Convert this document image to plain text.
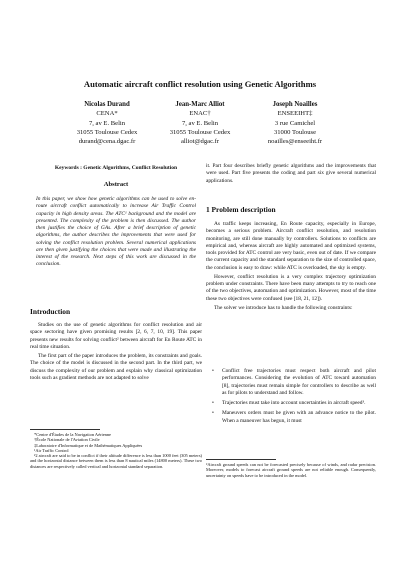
Automatic aircraft conflict resolution using Genetic Algorithms
Nicolas Durand
CENA*
7, av E. Belin
31055 Toulouse Cedex
durand@cena.dgac.fr
Jean-Marc Alliot
ENAC†
7, av E. Belin
31055 Toulouse Cedex
alliot@dgac.fr
Joseph Noailles
ENSEEIHT‡
3 rue Camichel
31000 Toulouse
noailles@enseeiht.fr
Keywords : Genetic Algorithms, Conflict Resolution
Abstract
In this paper, we show how genetic algorithms can be used to solve en-route aircraft conflict automatically to increase Air Traffic Control capacity in high density areas. The ATC¹ background and the model are presented. The complexity of the problem is then discussed. The author then justifies the choice of GAs. After a brief description of genetic algorithms, the author describes the improvements that were used for solving the conflict resolution problem. Several numerical applications are then given justifying the choices that were made and illustrating the interest of the research. Next steps of this work are discussed in the conclusion.
Introduction

Studies on the use of genetic algorithms for conflict resolution and air space sectoring have given promising results [2, 6, 7, 10, 19]. This paper presents new results for solving conflict² between aircraft for En Route ATC in real time situation.

The first part of the paper introduces the problem, its constraints and goals. The choice of the model is discussed in the second part. In the third part, we discuss the complexity of our problem and explain why classical optimization tools such as gradient methods are not adapted to solve

*Centre d'Études de la Navigation Aérienne
†École Nationale de l'Aviation Civile
‡Laboratoire d'Informatique et de Mathématiques Appliquées
¹Air Traffic Control
²2 aircraft are said to be in conflict if their altitude difference is less than 1000 feet (305 meters) and the horizontal distance between them is less than 8 nautical miles (14800 meters). These two distances are respectively called vertical and horizontal standard separation.
it. Part four describes briefly genetic algorithms and the improvements that were used. Part five presents the coding and part six give several numerical applications.
1 Problem description

As traffic keeps increasing, En Route capacity, especially in Europe, becomes a serious problem. Aircraft conflict resolution, and resolution monitoring, are still done manually by controllers. Solutions to conflicts are empirical and, whereas aircraft are highly automated and optimized systems, tools provided for ATC control are very basic, even out of date. If we compare the current capacity and the standard separation to the size of controlled space, the conclusion is easy to draw: while ATC is overloaded, the sky is empty.

However, conflict resolution is a very complex trajectory optimization problem under constraints. There have been many attempts to try to reach one of the two objectives, automation and optimization. However, most of the time these two objectives were confused (see [18, 21, 12]).

The solver we introduce has to handle the following constraints:

• Conflict free trajectories must respect both aircraft and pilot performances. Considering the evolution of ATC toward automation [8], trajectories must remain simple for controllers to describe as well as for pilots to understand and follow.
• Trajectories must take into account uncertainties in aircraft speed³.
• Maneuvers orders must be given with an advance notice to the pilot. When a maneuver has begun, it must
³Aircraft ground speeds can not be forecasted precisely because of winds, and radar precision. Moreover, models to forecast aircraft ground speeds are not reliable enough. Consequently, uncertainty on speeds have to be introduced in the model.
